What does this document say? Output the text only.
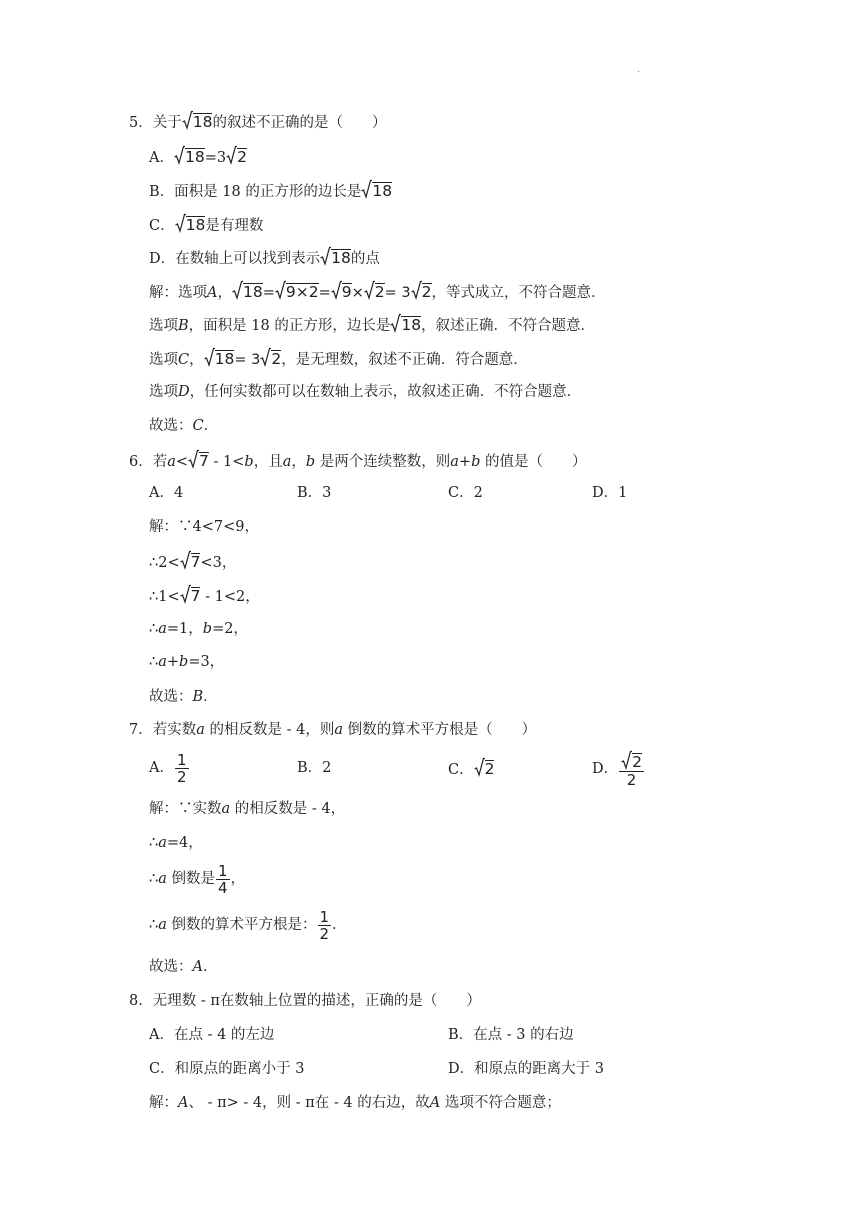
.
5．关于 18的叙述不正确的是（　　）
A． 18=3 2
B．面积是 18 的正方形的边长是 18
C． 18是有理数
D．在数轴上可以找到表示 18的点
解：选项A， 18= 9×2= 9× 2= 3 2，等式成立，不符合题意．
选项B，面积是 18 的正方形，边长是 18，叙述正确．不符合题意．
选项C， 18= 3 2，是无理数，叙述不正确．符合题意．
选项D，任何实数都可以在数轴上表示，故叙述正确．不符合题意．
故选：C．
6．若a< 7 - 1<b，且a，b 是两个连续整数，则a+b 的值是（　　）
A．4	B．3	C．2	D．1
解：∵4<7<9，
∴2< 7<3，
∴1< 7 - 1<2，
∴a=1，b=2，
∴a+b=3，
故选：B．
7．若实数a 的相反数是 - 4，则a 倒数的算术平方根是（　　）
A． $\frac{1}{2}$	B．2	C． 2	D． $\frac{2}{2}$
解：∵实数a 的相反数是 - 4，
∴a=4，
∴a 倒数是 $\frac{1}{4}$ ，
∴a 倒数的算术平方根是： $\frac{1}{2}$ ．
故选：A．
8．无理数 - π在数轴上位置的描述，正确的是（　　）
A．在点 - 4 的左边	B．在点 - 3 的右边
C．和原点的距离小于 3	D．和原点的距离大于 3
解：A、 - π> - 4，则 - π在 - 4 的右边，故A 选项不符合题意；
